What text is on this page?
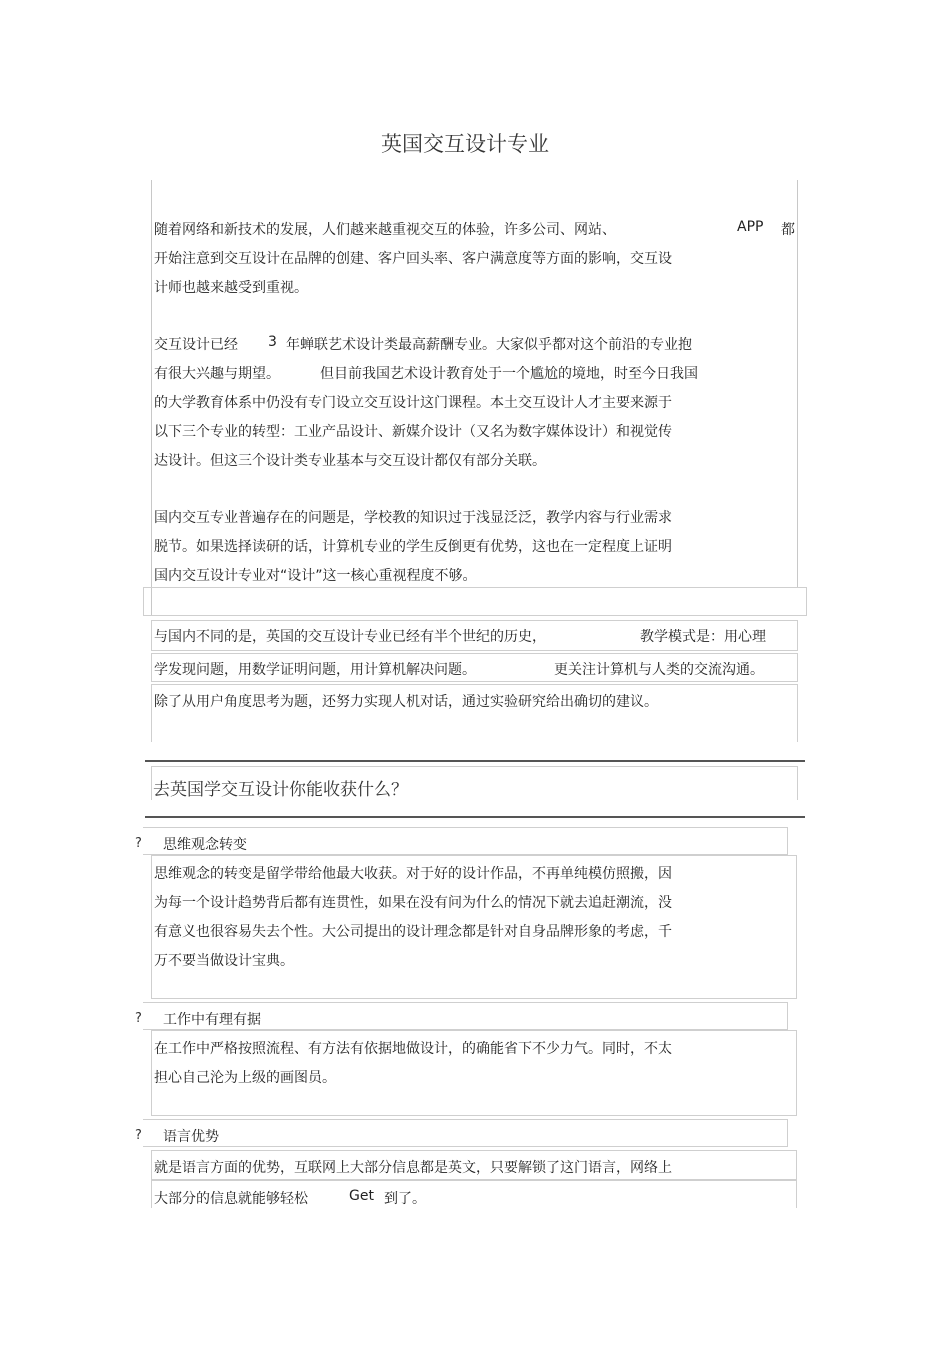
英国交互设计专业
随着网络和新技术的发展，人们越来越重视交互的体验，许多公司、网站、	APP 都
开始注意到交互设计在品牌的创建、客户回头率、客户满意度等方面的影响，交互设
计师也越来越受到重视。
交互设计已经 3 年蝉联艺术设计类最高薪酬专业。大家似乎都对这个前沿的专业抱
有很大兴趣与期望。	但目前我国艺术设计教育处于一个尴尬的境地，时至今日我国
的大学教育体系中仍没有专门设立交互设计这门课程。本土交互设计人才主要来源于
以下三个专业的转型：工业产品设计、新媒介设计（又名为数字媒体设计）和视觉传
达设计。但这三个设计类专业基本与交互设计都仅有部分关联。
国内交互专业普遍存在的问题是，学校教的知识过于浅显泛泛，教学内容与行业需求
脱节。如果选择读研的话，计算机专业的学生反倒更有优势，这也在一定程度上证明
国内交互设计专业对“设计”这一核心重视程度不够。
与国内不同的是，英国的交互设计专业已经有半个世纪的历史，	教学模式是：用心理
学发现问题，用数学证明问题，用计算机解决问题。	更关注计算机与人类的交流沟通。
除了从用户角度思考为题，还努力实现人机对话，通过实验研究给出确切的建议。
去英国学交互设计你能收获什么？
? 思维观念转变
思维观念的转变是留学带给他最大收获。对于好的设计作品，不再单纯模仿照搬，因
为每一个设计趋势背后都有连贯性，如果在没有问为什么的情况下就去追赶潮流，没
有意义也很容易失去个性。大公司提出的设计理念都是针对自身品牌形象的考虑，千
万不要当做设计宝典。
? 工作中有理有据
在工作中严格按照流程、有方法有依据地做设计，的确能省下不少力气。同时，不太
担心自己沦为上级的画图员。
? 语言优势
就是语言方面的优势，互联网上大部分信息都是英文，只要解锁了这门语言，网络上
大部分的信息就能够轻松	Get 到了。
